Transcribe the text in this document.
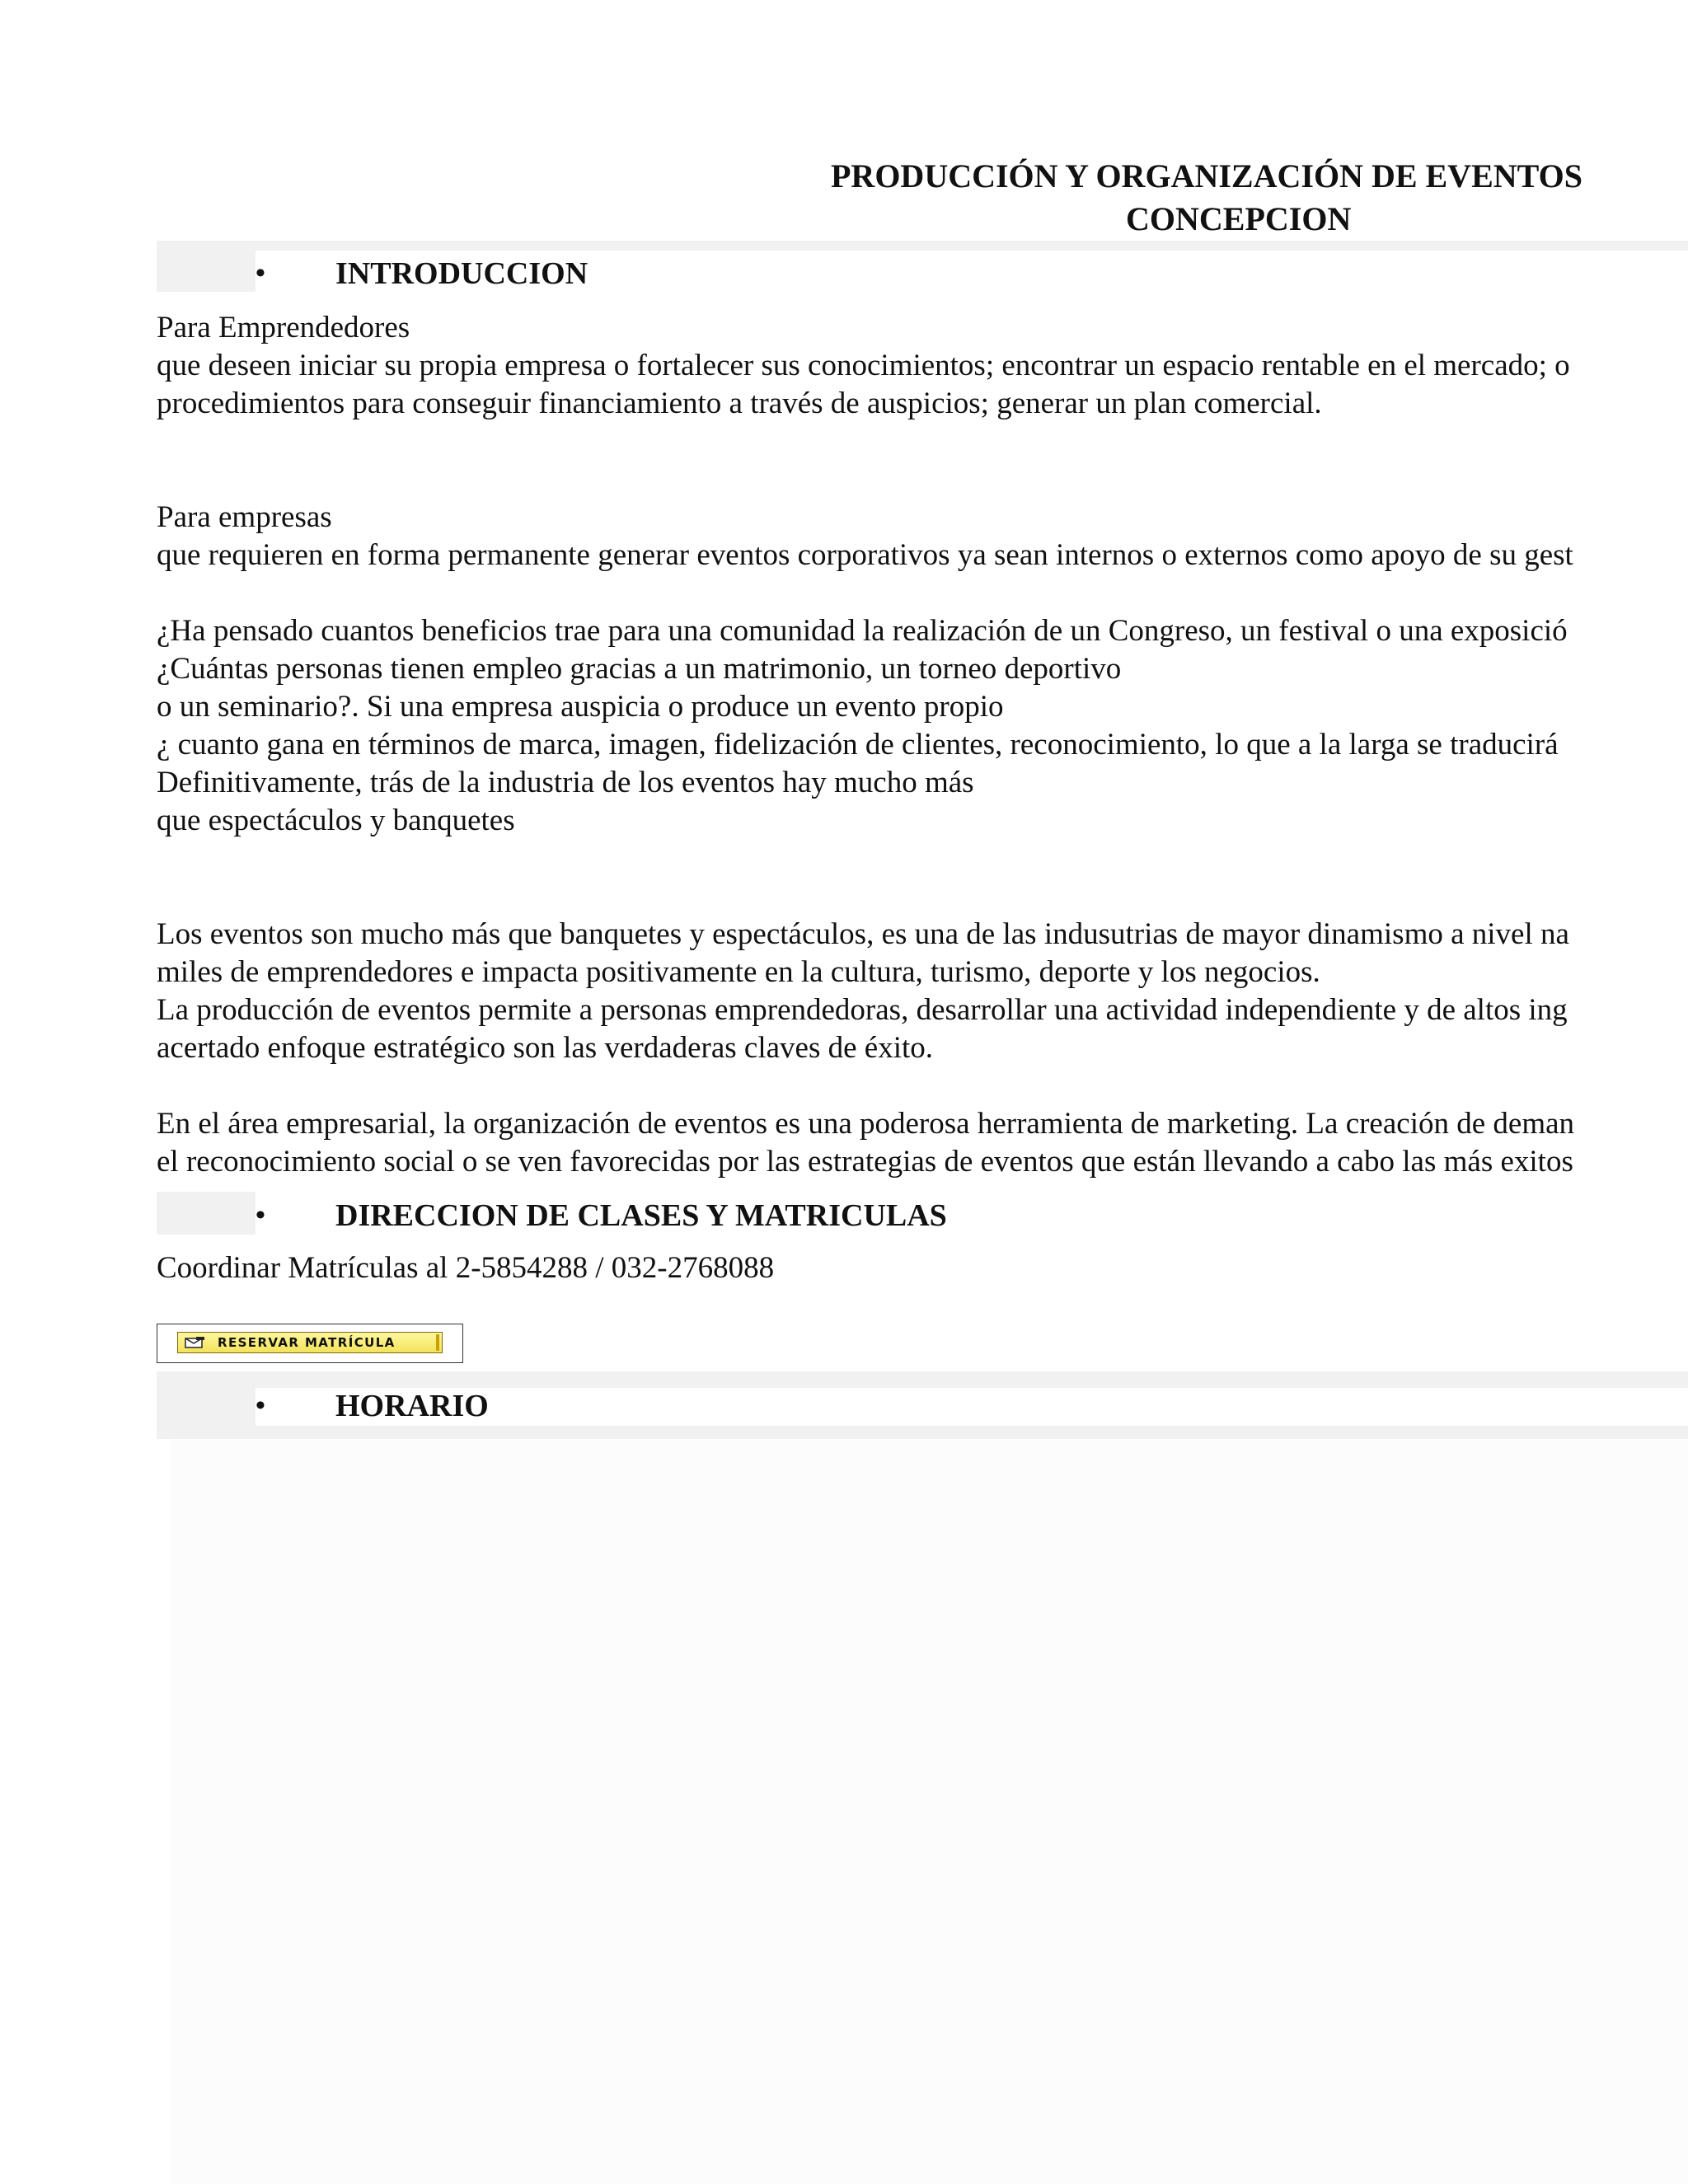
PRODUCCIÓN Y ORGANIZACIÓN DE EVENTOS
CONCEPCION
• INTRODUCCION
Para Emprendedores
que deseen iniciar su propia empresa o fortalecer sus conocimientos; encontrar un espacio rentable en el mercado; o
procedimientos para conseguir financiamiento a través de auspicios; generar un plan comercial.
Para empresas
que requieren en forma permanente generar eventos corporativos ya sean internos o externos como apoyo de su gest
¿Ha pensado cuantos beneficios trae para una comunidad la realización de un Congreso, un festival o una exposició
¿Cuántas personas tienen empleo gracias a un matrimonio, un torneo deportivo
o un seminario?. Si una empresa auspicia o produce un evento propio
¿ cuanto gana en términos de marca, imagen, fidelización de clientes, reconocimiento, lo que a la larga se traducirá
Definitivamente, trás de la industria de los eventos hay mucho más
que espectáculos y banquetes
Los eventos son mucho más que banquetes y espectáculos, es una de las indusutrias de mayor dinamismo a nivel na
miles de emprendedores e impacta positivamente en la cultura, turismo, deporte y los negocios.
La producción de eventos permite a personas emprendedoras, desarrollar una actividad independiente y de altos ing
acertado enfoque estratégico son las verdaderas claves de éxito.
En el área empresarial, la organización de eventos es una poderosa herramienta de marketing. La creación de deman
el reconocimiento social o se ven favorecidas por las estrategias de eventos que están llevando a cabo las más exitos
• DIRECCION DE CLASES Y MATRICULAS
Coordinar Matrículas al 2-5854288 / 032-2768088
RESERVAR MATRÍCULA
• HORARIO
